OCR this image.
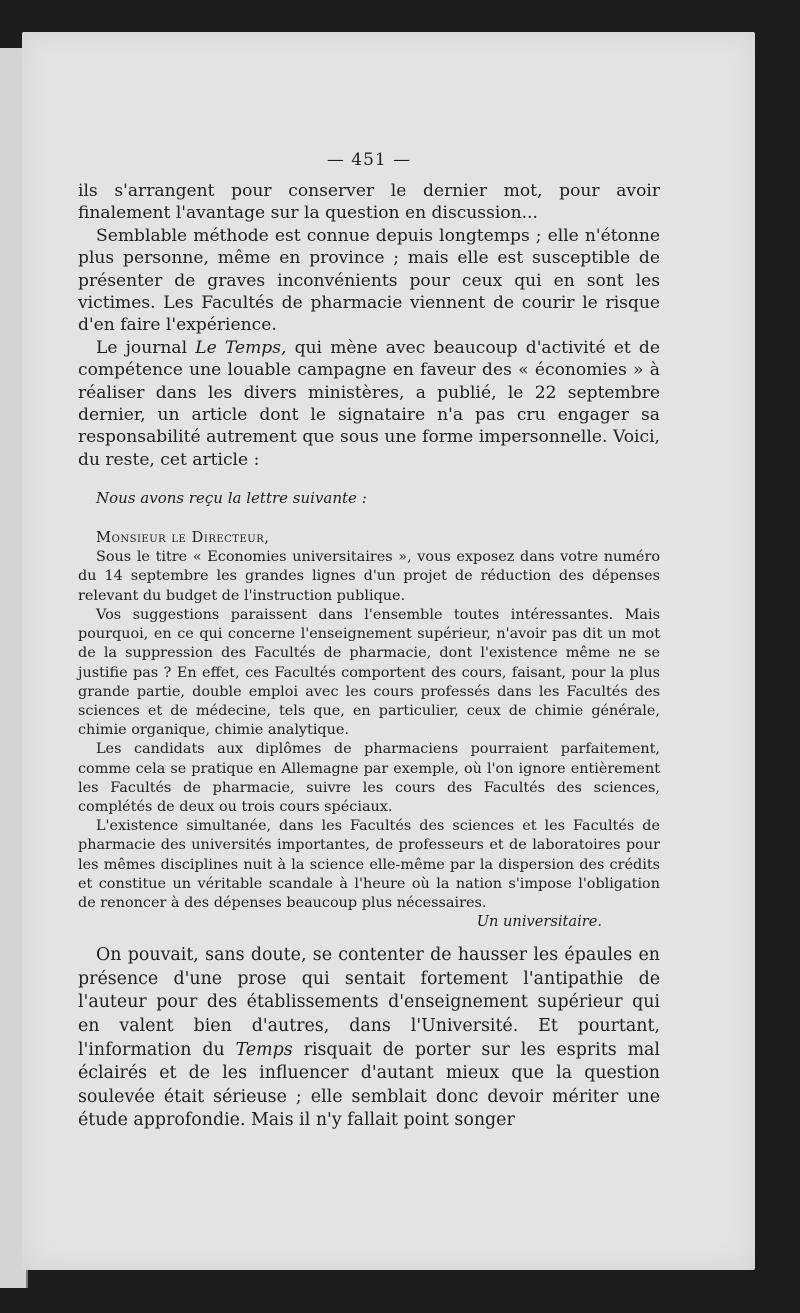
— 451 —

ils s'arrangent pour conserver le dernier mot, pour avoir finalement l'avantage sur la question en discussion...

Semblable méthode est connue depuis longtemps ; elle n'étonne plus personne, même en province ; mais elle est susceptible de présenter de graves inconvénients pour ceux qui en sont les victimes. Les Facultés de pharmacie viennent de courir le risque d'en faire l'expérience.

Le journal Le Temps, qui mène avec beaucoup d'activité et de compétence une louable campagne en faveur des « économies » à réaliser dans les divers ministères, a publié, le 22 septembre dernier, un article dont le signataire n'a pas cru engager sa responsabilité autrement que sous une forme impersonnelle. Voici, du reste, cet article :

Nous avons reçu la lettre suivante :
Monsieur le Directeur,

Sous le titre « Economies universitaires », vous exposez dans votre numéro du 14 septembre les grandes lignes d'un projet de réduction des dépenses relevant du budget de l'instruction publique.

Vos suggestions paraissent dans l'ensemble toutes intéressantes. Mais pourquoi, en ce qui concerne l'enseignement supérieur, n'avoir pas dit un mot de la suppression des Facultés de pharmacie, dont l'existence même ne se justifie pas ? En effet, ces Facultés comportent des cours, faisant, pour la plus grande partie, double emploi avec les cours professés dans les Facultés des sciences et de médecine, tels que, en particulier, ceux de chimie générale, chimie organique, chimie analytique.

Les candidats aux diplômes de pharmaciens pourraient parfaitement, comme cela se pratique en Allemagne par exemple, où l'on ignore entièrement les Facultés de pharmacie, suivre les cours des Facultés des sciences, complétés de deux ou trois cours spéciaux.

L'existence simultanée, dans les Facultés des sciences et les Facultés de pharmacie des universités importantes, de professeurs et de laboratoires pour les mêmes disciplines nuit à la science elle-même par la dispersion des crédits et constitue un véritable scandale à l'heure où la nation s'impose l'obligation de renoncer à des dépenses beaucoup plus nécessaires.

Un universitaire.

On pouvait, sans doute, se contenter de hausser les épaules en présence d'une prose qui sentait fortement l'antipathie de l'auteur pour des établissements d'enseignement supérieur qui en valent bien d'autres, dans l'Université. Et pourtant, l'information du Temps risquait de porter sur les esprits mal éclairés et de les influencer d'autant mieux que la question soulevée était sérieuse ; elle semblait donc devoir mériter une étude approfondie. Mais il n'y fallait point songer
